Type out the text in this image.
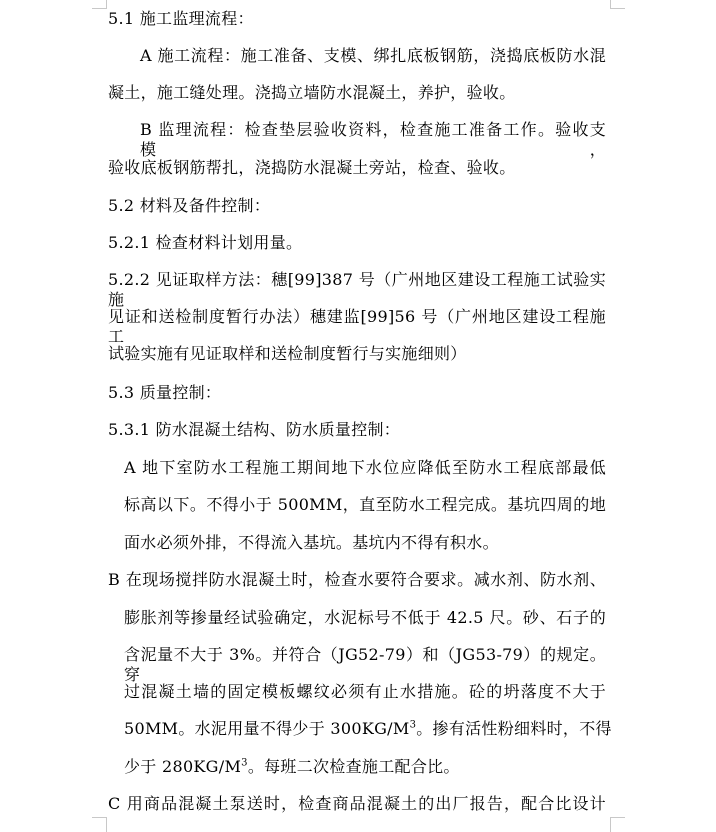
5.1 施工监理流程：
A 施工流程：施工准备、支模、绑扎底板钢筋，浇捣底板防水混
凝土，施工缝处理。浇捣立墙防水混凝土，养护，验收。
B 监理流程：检查垫层验收资料，检查施工准备工作。验收支模，
验收底板钢筋帮扎，浇捣防水混凝土旁站，检查、验收。
5.2 材料及备件控制：
5.2.1 检查材料计划用量。
5.2.2 见证取样方法：穗[99]387 号（广州地区建设工程施工试验实施
见证和送检制度暂行办法）穗建监[99]56 号（广州地区建设工程施工
试验实施有见证取样和送检制度暂行与实施细则）
5.3 质量控制：
5.3.1 防水混凝土结构、防水质量控制：
A 地下室防水工程施工期间地下水位应降低至防水工程底部最低
标高以下。不得小于 500MM，直至防水工程完成。基坑四周的地
面水必须外排，不得流入基坑。基坑内不得有积水。
B 在现场搅拌防水混凝土时，检查水要符合要求。减水剂、防水剂、
膨胀剂等掺量经试验确定，水泥标号不低于 42.5 尺。砂、石子的
含泥量不大于 3%。并符合（JG52-79）和（JG53-79）的规定。穿
过混凝土墙的固定模板螺纹必须有止水措施。砼的坍落度不大于
50MM。水泥用量不得少于 $300KG/M^3$。掺有活性粉细料时，不得
少于 $280KG/M^3$。每班二次检查施工配合比。
C 用商品混凝土泵送时，检查商品混凝土的出厂报告，配合比设计
